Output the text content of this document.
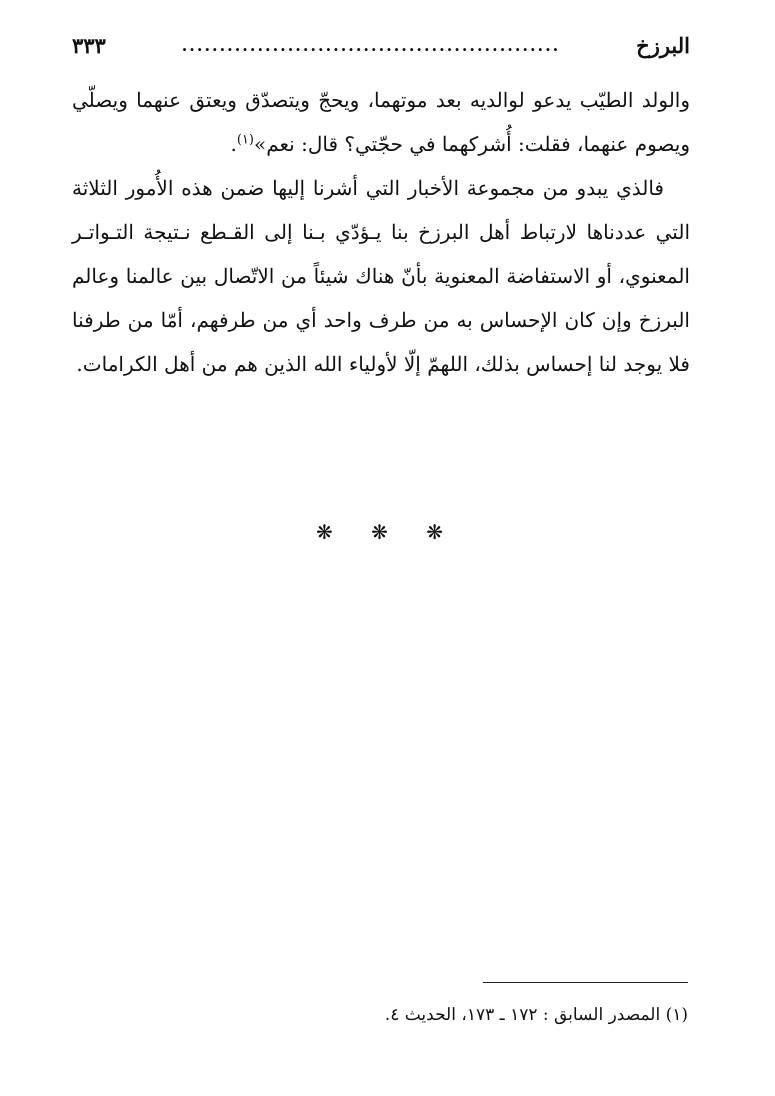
البرزخ
..................................................
٣٣٣

والولد الطيّب يدعو لوالديه بعد موتهما، ويحجّ ويتصدّق ويعتق عنهما ويصلّي ويصوم عنهما، فقلت: أُشركهما في حجّتي؟ قال: نعم»$^{(١)}$.

فالذي يبدو من مجموعة الأخبار التي أشرنا إليها ضمن هذه الأُمور الثلاثة التي عددناها لارتباط أهل البرزخ بنا يـؤدّي بـنا إلى القـطع نـتيجة التـواتـر المعنوي، أو الاستفاضة المعنوية بأنّ هناك شيئاً من الاتّصال بين عالمنا وعالم البرزخ وإن كان الإحساس به من طرف واحد أي من طرفهم، أمّا من طرفنا فلا يوجد لنا إحساس بذلك، اللهمّ إلّا لأولياء الله الذين هم من أهل الكرامات.

❋ ❋ ❋
(١) المصدر السابق : ١٧٢ ـ ١٧٣، الحديث ٤.
